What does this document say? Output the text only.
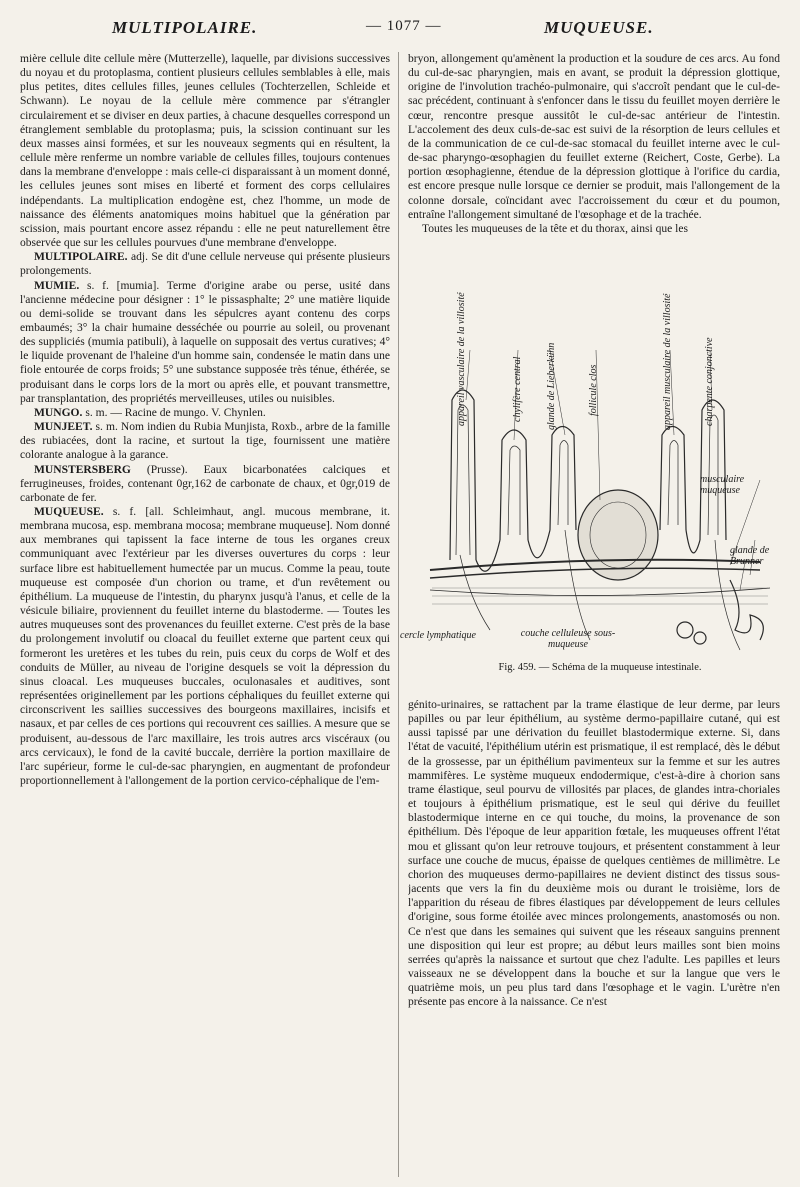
MULTIPOLAIRE.	— 1077 —	MUQUEUSE.

mière cellule dite cellule mère (Mutterzelle), laquelle, par divisions successives du noyau et du protoplasma, contient plusieurs cellules semblables à elle, mais plus petites, dites cellules filles, jeunes cellules (Tochterzellen, Schleide et Schwann). Le noyau de la cellule mère commence par s'étrangler circulairement et se diviser en deux parties, à chacune desquelles correspond un étranglement semblable du protoplasma; puis, la scission continuant sur les deux masses ainsi formées, et sur les nouveaux segments qui en résultent, la cellule mère renferme un nombre variable de cellules filles, toujours contenues dans la membrane d'enveloppe : mais celle-ci disparaissant à un moment donné, les cellules jeunes sont mises en liberté et forment des corps cellulaires indépendants. La multiplication endogène est, chez l'homme, un mode de naissance des éléments anatomiques moins habituel que la génération par scission, mais pourtant encore assez répandu : elle ne peut naturellement être observée que sur les cellules pourvues d'une membrane d'enveloppe.

MULTIPOLAIRE. adj. Se dit d'une cellule nerveuse qui présente plusieurs prolongements.

MUMIE. s. f. [mumia]. Terme d'origine arabe ou perse, usité dans l'ancienne médecine pour désigner : 1° le pissasphalte; 2° une matière liquide ou demi-solide se trouvant dans les sépulcres ayant contenu des corps embaumés; 3° la chair humaine desséchée ou pourrie au soleil, ou provenant des suppliciés (mumia patibuli), à laquelle on supposait des vertus curatives; 4° le liquide provenant de l'haleine d'un homme sain, condensée le matin dans une fiole entourée de corps froids; 5° une substance supposée très ténue, éthérée, se produisant dans le corps lors de la mort ou après elle, et pouvant transmettre, par transplantation, des propriétés merveilleuses, utiles ou nuisibles.

MUNGO. s. m. — Racine de mungo. V. Chynlen.

MUNJEET. s. m. Nom indien du Rubia Munjista, Roxb., arbre de la famille des rubiacées, dont la racine, et surtout la tige, fournissent une matière colorante analogue à la garance.

MUNSTERSBERG (Prusse). Eaux bicarbonatées calciques et ferrugineuses, froides, contenant 0gr,162 de carbonate de chaux, et 0gr,019 de carbonate de fer.

MUQUEUSE. s. f. [all. Schleimhaut, angl. mucous membrane, it. membrana mucosa, esp. membrana mocosa; membrane muqueuse]. Nom donné aux membranes qui tapissent la face interne de tous les organes creux communiquant avec l'extérieur par les diverses ouvertures du corps : leur surface libre est habituellement humectée par un mucus. Comme la peau, toute muqueuse est composée d'un chorion ou trame, et d'un revêtement ou épithélium. La muqueuse de l'intestin, du pharynx jusqu'à l'anus, et celle de la vésicule biliaire, proviennent du feuillet interne du blastoderme. — Toutes les autres muqueuses sont des provenances du feuillet externe. C'est près de la base du prolongement involutif ou cloacal du feuillet externe que partent ceux qui formeront les uretères et les tubes du rein, puis ceux du corps de Wolf et des conduits de Müller, au niveau de l'origine desquels se voit la dépression du sinus cloacal. Les muqueuses buccales, oculonasales et auditives, sont représentées originellement par les portions céphaliques du feuillet externe qui circonscrivent les saillies successives des bourgeons maxillaires, incisifs et nasaux, et par celles de ces portions qui recouvrent ces saillies. A mesure que se produisent, au-dessous de l'arc maxillaire, les trois autres arcs viscéraux (ou arcs cervicaux), le fond de la cavité buccale, derrière la portion maxillaire de l'arc supérieur, forme le cul-de-sac pharyngien, en augmentant de profondeur proportionnellement à l'allongement de la portion cervico-céphalique de l'em-

bryon, allongement qu'amènent la production et la soudure de ces arcs. Au fond du cul-de-sac pharyngien, mais en avant, se produit la dépression glottique, origine de l'involution trachéo-pulmonaire, qui s'accroît pendant que le cul-de-sac précédent, continuant à s'enfoncer dans le tissu du feuillet moyen derrière le cœur, rencontre presque aussitôt le cul-de-sac antérieur de l'intestin. L'accolement des deux culs-de-sac est suivi de la résorption de leurs cellules et de la communication de ce cul-de-sac stomacal du feuillet interne avec le cul-de-sac pharyngo-œsophagien du feuillet externe (Reichert, Coste, Gerbe). La portion œsophagienne, étendue de la dépression glottique à l'orifice du cardia, est encore presque nulle lorsque ce dernier se produit, mais l'allongement de la colonne dorsale, coïncidant avec l'accroissement du cœur et du poumon, entraîne l'allongement simultané de l'œsophage et de la trachée.

Toutes les muqueuses de la tête et du thorax, ainsi que les

appareil vasculaire de la villosité	chylifère central glande de Lieberkühn	follicule clos	appareil musculaire de la villosité	charpente conjonctive
musculaire muqueuse
glande de Brunner
cercle lymphatique	couche celluleuse sous-muqueuse
Fig. 459. — Schéma de la muqueuse intestinale.

génito-urinaires, se rattachent par la trame élastique de leur derme, par leurs papilles ou par leur épithélium, au système dermo-papillaire cutané, qui est aussi tapissé par une dérivation du feuillet blastodermique externe. Si, dans l'état de vacuité, l'épithélium utérin est prismatique, il est remplacé, dès le début de la grossesse, par un épithélium pavimenteux sur la femme et sur les autres mammifères. Le système muqueux endodermique, c'est-à-dire à chorion sans trame élastique, seul pourvu de villosités par places, de glandes intra-choriales et toujours à épithélium prismatique, est le seul qui dérive du feuillet blastodermique interne en ce qui touche, du moins, la provenance de son épithélium. Dès l'époque de leur apparition fœtale, les muqueuses offrent l'état mou et glissant qu'on leur retrouve toujours, et présentent constamment à leur surface une couche de mucus, épaisse de quelques centièmes de millimètre. Le chorion des muqueuses dermo-papillaires ne devient distinct des tissus sous-jacents que vers la fin du deuxième mois ou durant le troisième, lors de l'apparition du réseau de fibres élastiques par développement de leurs cellules d'origine, sous forme étoilée avec minces prolongements, anastomosés ou non. Ce n'est que dans les semaines qui suivent que les réseaux sanguins prennent une disposition qui leur est propre; au début leurs mailles sont bien moins serrées qu'après la naissance et surtout que chez l'adulte. Les papilles et leurs vaisseaux ne se développent dans la bouche et sur la langue que vers le quatrième mois, un peu plus tard dans l'œsophage et le vagin. L'urètre n'en présente pas encore à la naissance. Ce n'est
